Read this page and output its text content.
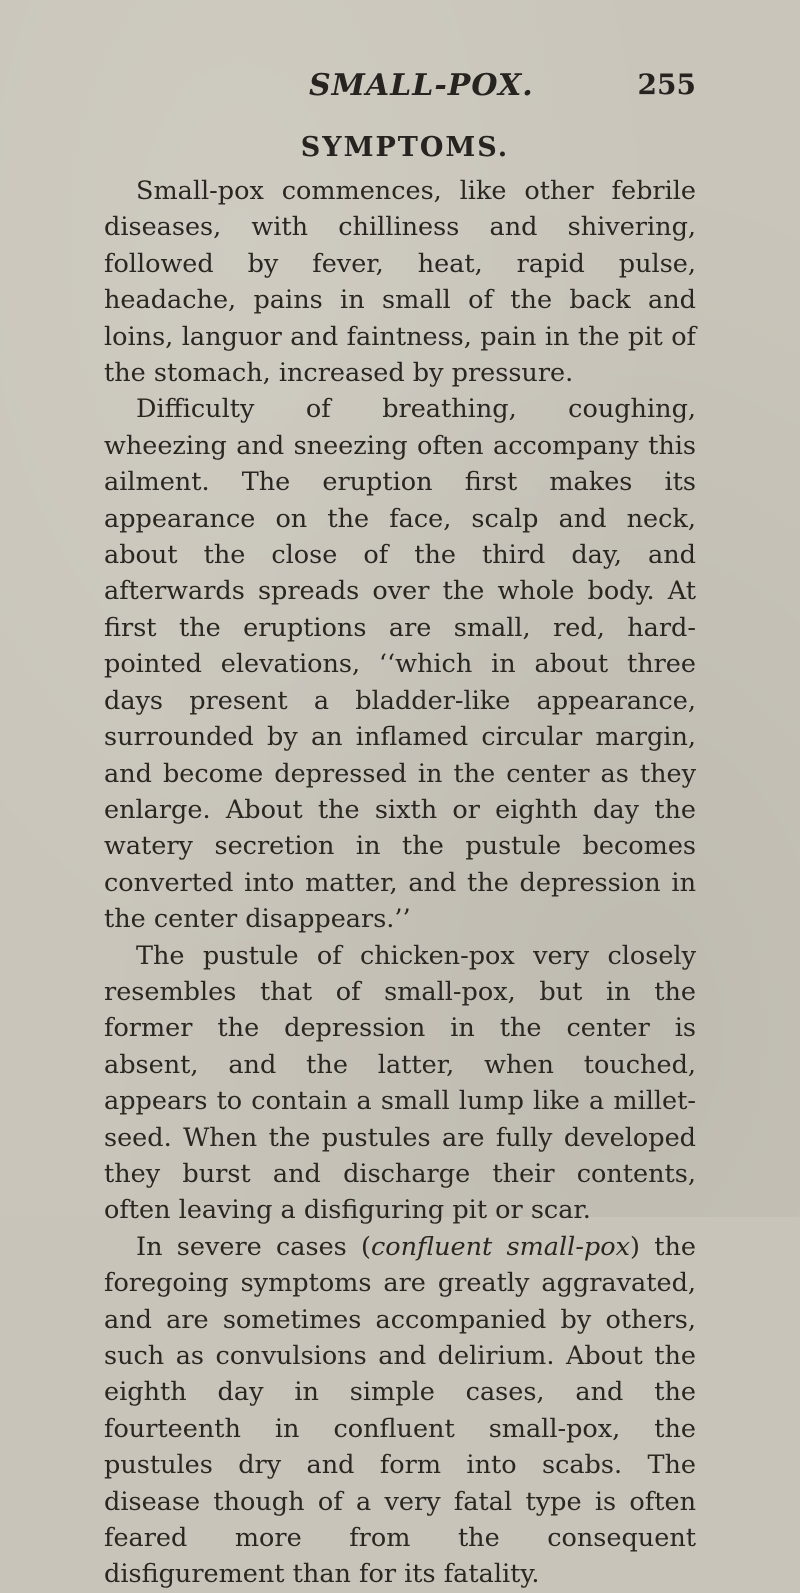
SMALL-POX.	255
SYMPTOMS.

Small-pox commences, like other febrile diseases, with chilliness and shivering, followed by fever, heat, rapid pulse, headache, pains in small of the back and loins, languor and faintness, pain in the pit of the stomach, increased by pressure.

Difficulty of breathing, coughing, wheezing and sneezing often accompany this ailment. The eruption first makes its appearance on the face, scalp and neck, about the close of the third day, and afterwards spreads over the whole body. At first the eruptions are small, red, hard-pointed elevations, ‘‘which in about three days present a bladder-like appearance, surrounded by an inflamed circular margin, and become depressed in the center as they enlarge. About the sixth or eighth day the watery secretion in the pustule becomes converted into matter, and the depression in the center disappears.’’

The pustule of chicken-pox very closely resembles that of small-pox, but in the former the depression in the center is absent, and the latter, when touched, appears to contain a small lump like a millet-seed. When the pustules are fully developed they burst and discharge their contents, often leaving a disfiguring pit or scar.

In severe cases (confluent small-pox) the foregoing symptoms are greatly aggravated, and are sometimes accompanied by others, such as convulsions and delirium. About the eighth day in simple cases, and the fourteenth in confluent small-pox, the pustules dry and form into scabs. The disease though of a very fatal type is often feared more from the consequent disfigurement than for its fatality.
